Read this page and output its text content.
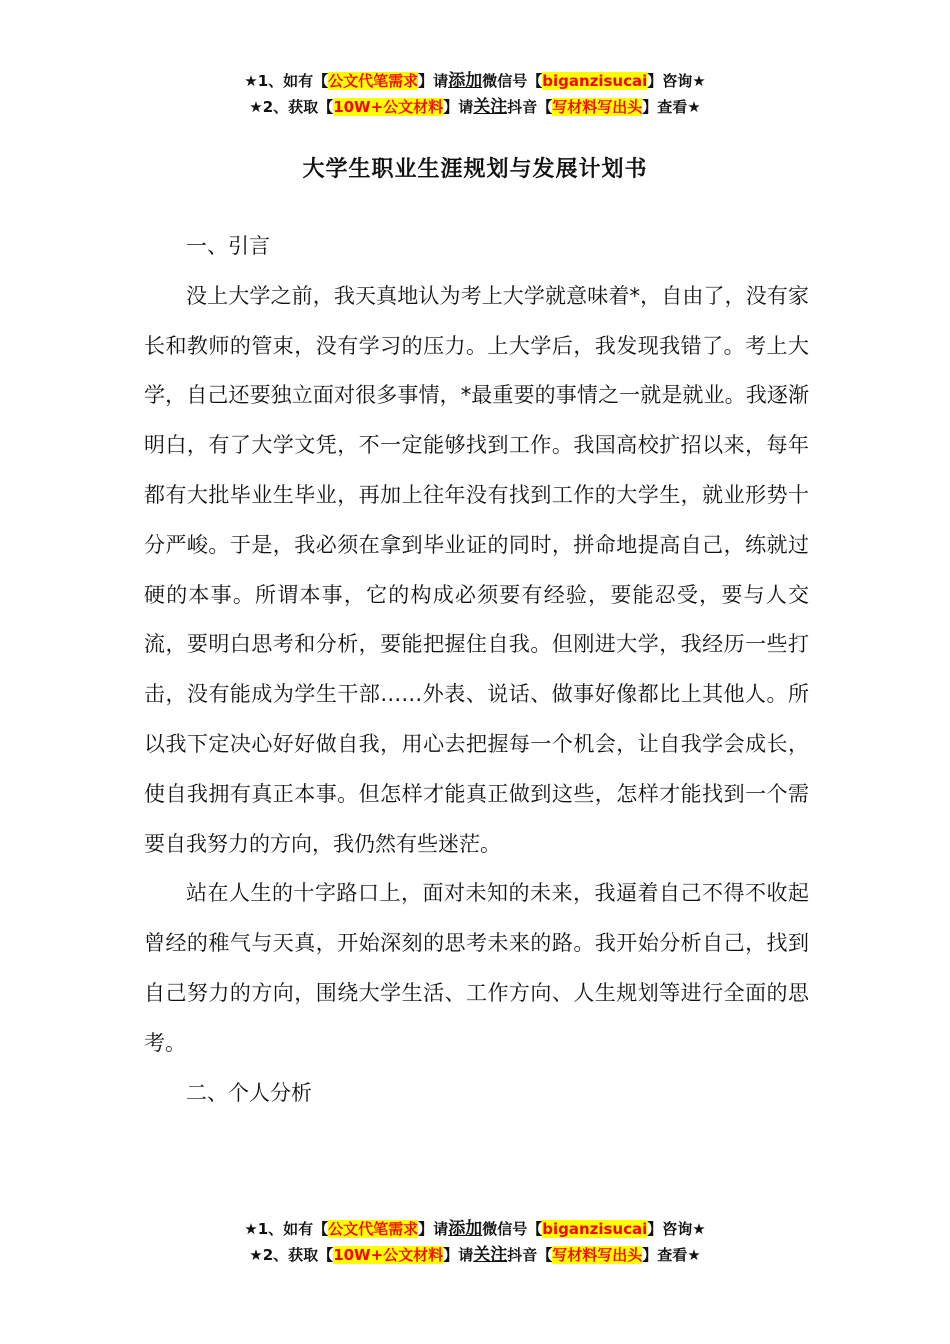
★1、如有【公文代笔需求】请添加微信号【biganzisucai】咨询★
★2、获取【10W+公文材料】请关注抖音【写材料写出头】查看★
大学生职业生涯规划与发展计划书

一、引言

没上大学之前，我天真地认为考上大学就意味着*，自由了，没有家长和教师的管束，没有学习的压力。上大学后，我发现我错了。考上大学，自己还要独立面对很多事情，*最重要的事情之一就是就业。我逐渐明白，有了大学文凭，不一定能够找到工作。我国高校扩招以来，每年都有大批毕业生毕业，再加上往年没有找到工作的大学生，就业形势十分严峻。于是，我必须在拿到毕业证的同时，拼命地提高自己，练就过硬的本事。所谓本事，它的构成必须要有经验，要能忍受，要与人交流，要明白思考和分析，要能把握住自我。但刚进大学，我经历一些打击，没有能成为学生干部……外表、说话、做事好像都比上其他人。所以我下定决心好好做自我，用心去把握每一个机会，让自我学会成长，使自我拥有真正本事。但怎样才能真正做到这些，怎样才能找到一个需要自我努力的方向，我仍然有些迷茫。

站在人生的十字路口上，面对未知的未来，我逼着自己不得不收起曾经的稚气与天真，开始深刻的思考未来的路。我开始分析自己，找到自己努力的方向，围绕大学生活、工作方向、人生规划等进行全面的思考。

二、个人分析

★1、如有【公文代笔需求】请添加微信号【biganzisucai】咨询★
★2、获取【10W+公文材料】请关注抖音【写材料写出头】查看★
